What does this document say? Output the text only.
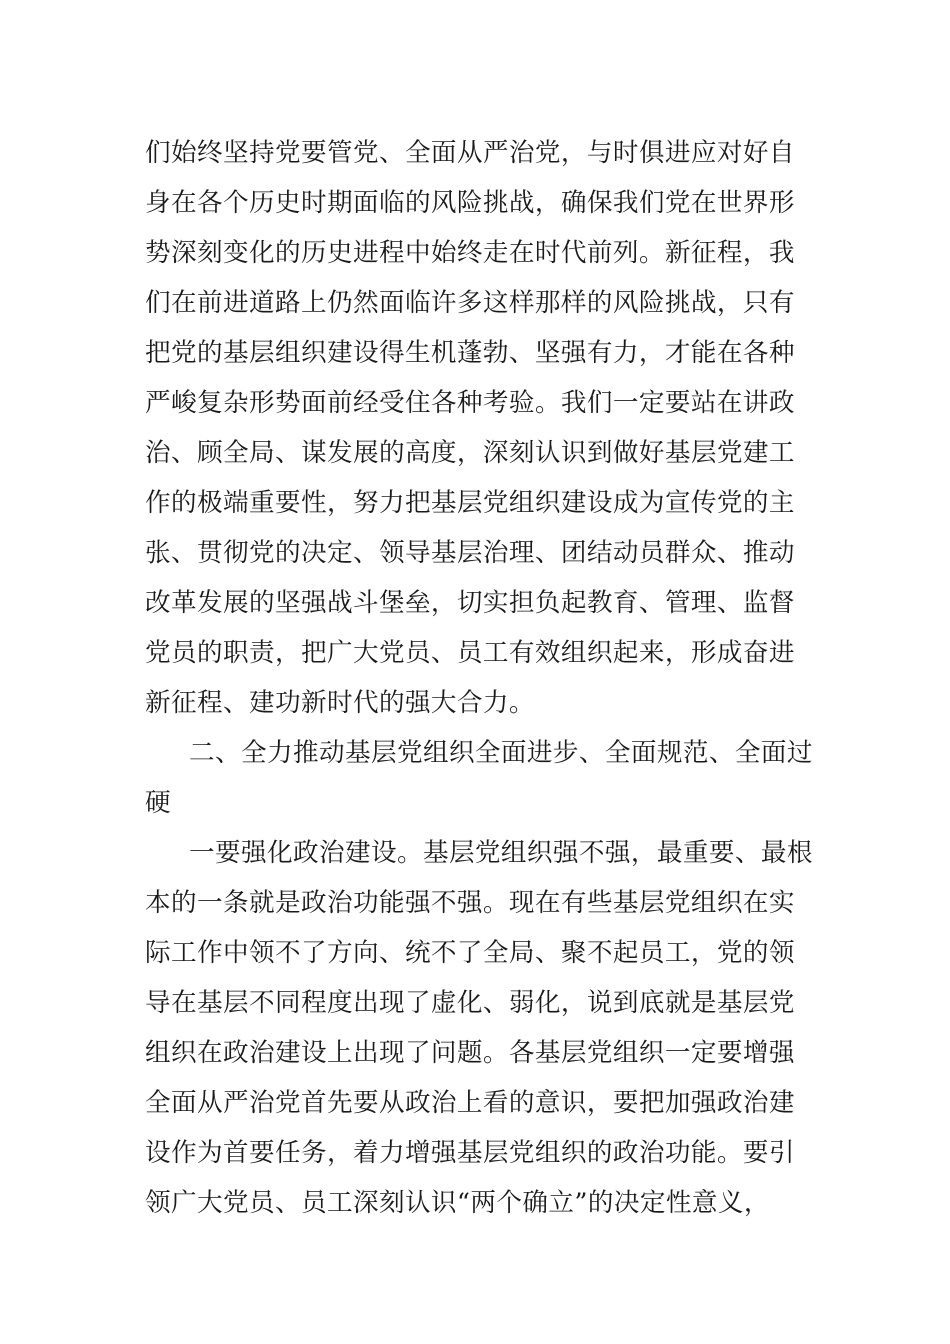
们始终坚持党要管党、全面从严治党，与时俱进应对好自
身在各个历史时期面临的风险挑战，确保我们党在世界形
势深刻变化的历史进程中始终走在时代前列。新征程，我
们在前进道路上仍然面临许多这样那样的风险挑战，只有
把党的基层组织建设得生机蓬勃、坚强有力，才能在各种
严峻复杂形势面前经受住各种考验。我们一定要站在讲政
治、顾全局、谋发展的高度，深刻认识到做好基层党建工
作的极端重要性，努力把基层党组织建设成为宣传党的主
张、贯彻党的决定、领导基层治理、团结动员群众、推动
改革发展的坚强战斗堡垒，切实担负起教育、管理、监督
党员的职责，把广大党员、员工有效组织起来，形成奋进
新征程、建功新时代的强大合力。
二、全力推动基层党组织全面进步、全面规范、全面过
硬
一要强化政治建设。基层党组织强不强，最重要、最根
本的一条就是政治功能强不强。现在有些基层党组织在实
际工作中领不了方向、统不了全局、聚不起员工，党的领
导在基层不同程度出现了虚化、弱化，说到底就是基层党
组织在政治建设上出现了问题。各基层党组织一定要增强
全面从严治党首先要从政治上看的意识，要把加强政治建
设作为首要任务，着力增强基层党组织的政治功能。要引
领广大党员、员工深刻认识“两个确立”的决定性意义，
